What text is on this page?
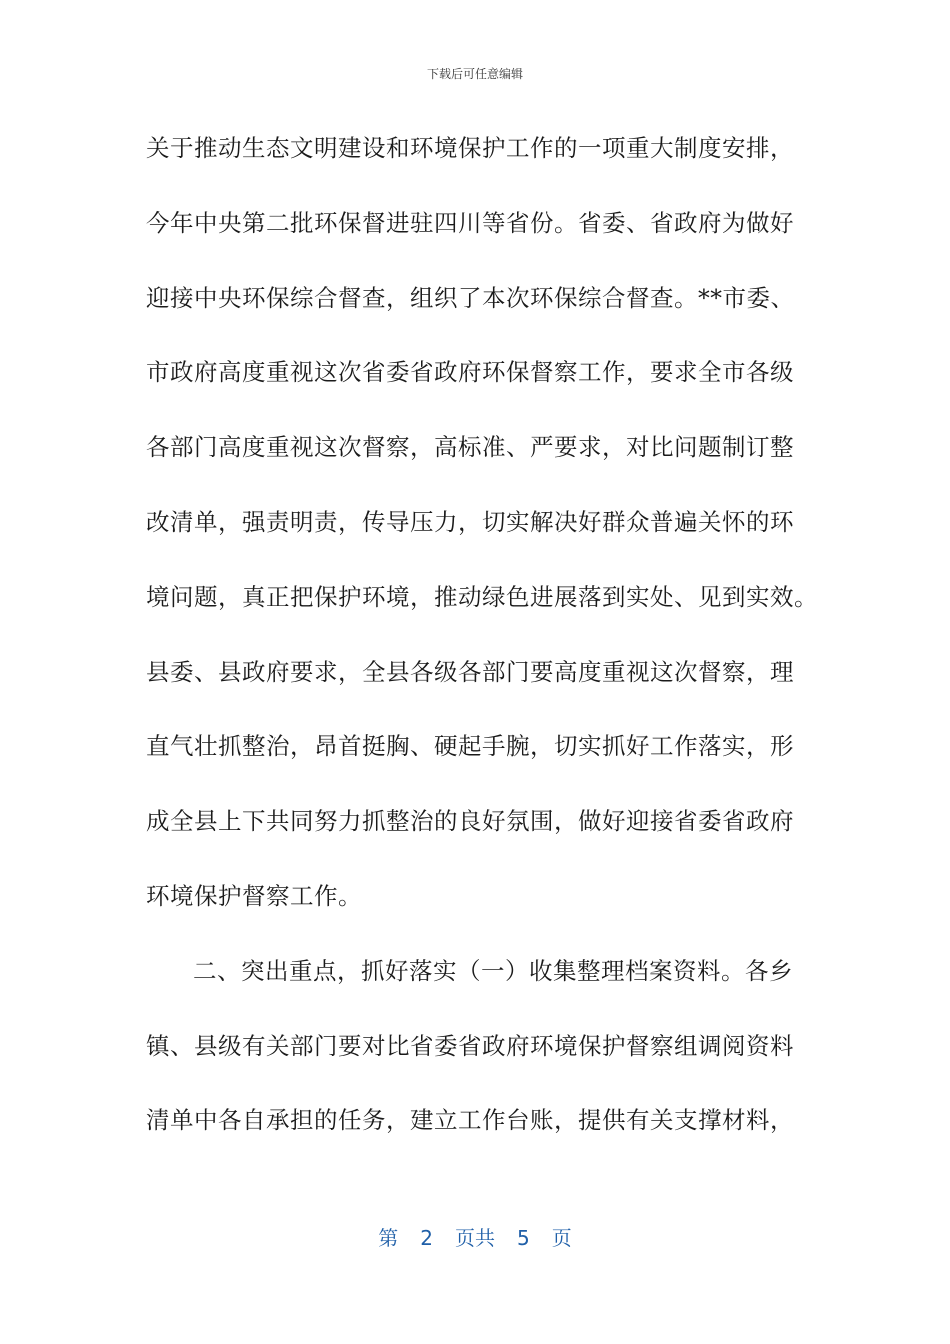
下载后可任意编辑
关于推动生态文明建设和环境保护工作的一项重大制度安排，
今年中央第二批环保督进驻四川等省份。省委、省政府为做好
迎接中央环保综合督查，组织了本次环保综合督查。**市委、
市政府高度重视这次省委省政府环保督察工作，要求全市各级
各部门高度重视这次督察，高标准、严要求，对比问题制订整
改清单，强责明责，传导压力，切实解决好群众普遍关怀的环
境问题，真正把保护环境，推动绿色进展落到实处、见到实效。
县委、县政府要求，全县各级各部门要高度重视这次督察，理
直气壮抓整治，昂首挺胸、硬起手腕，切实抓好工作落实，形
成全县上下共同努力抓整治的良好氛围，做好迎接省委省政府
环境保护督察工作。
二、突出重点，抓好落实（一）收集整理档案资料。各乡
镇、县级有关部门要对比省委省政府环境保护督察组调阅资料
清单中各自承担的任务，建立工作台账，提供有关支撑材料，
第 2 页共 5 页
